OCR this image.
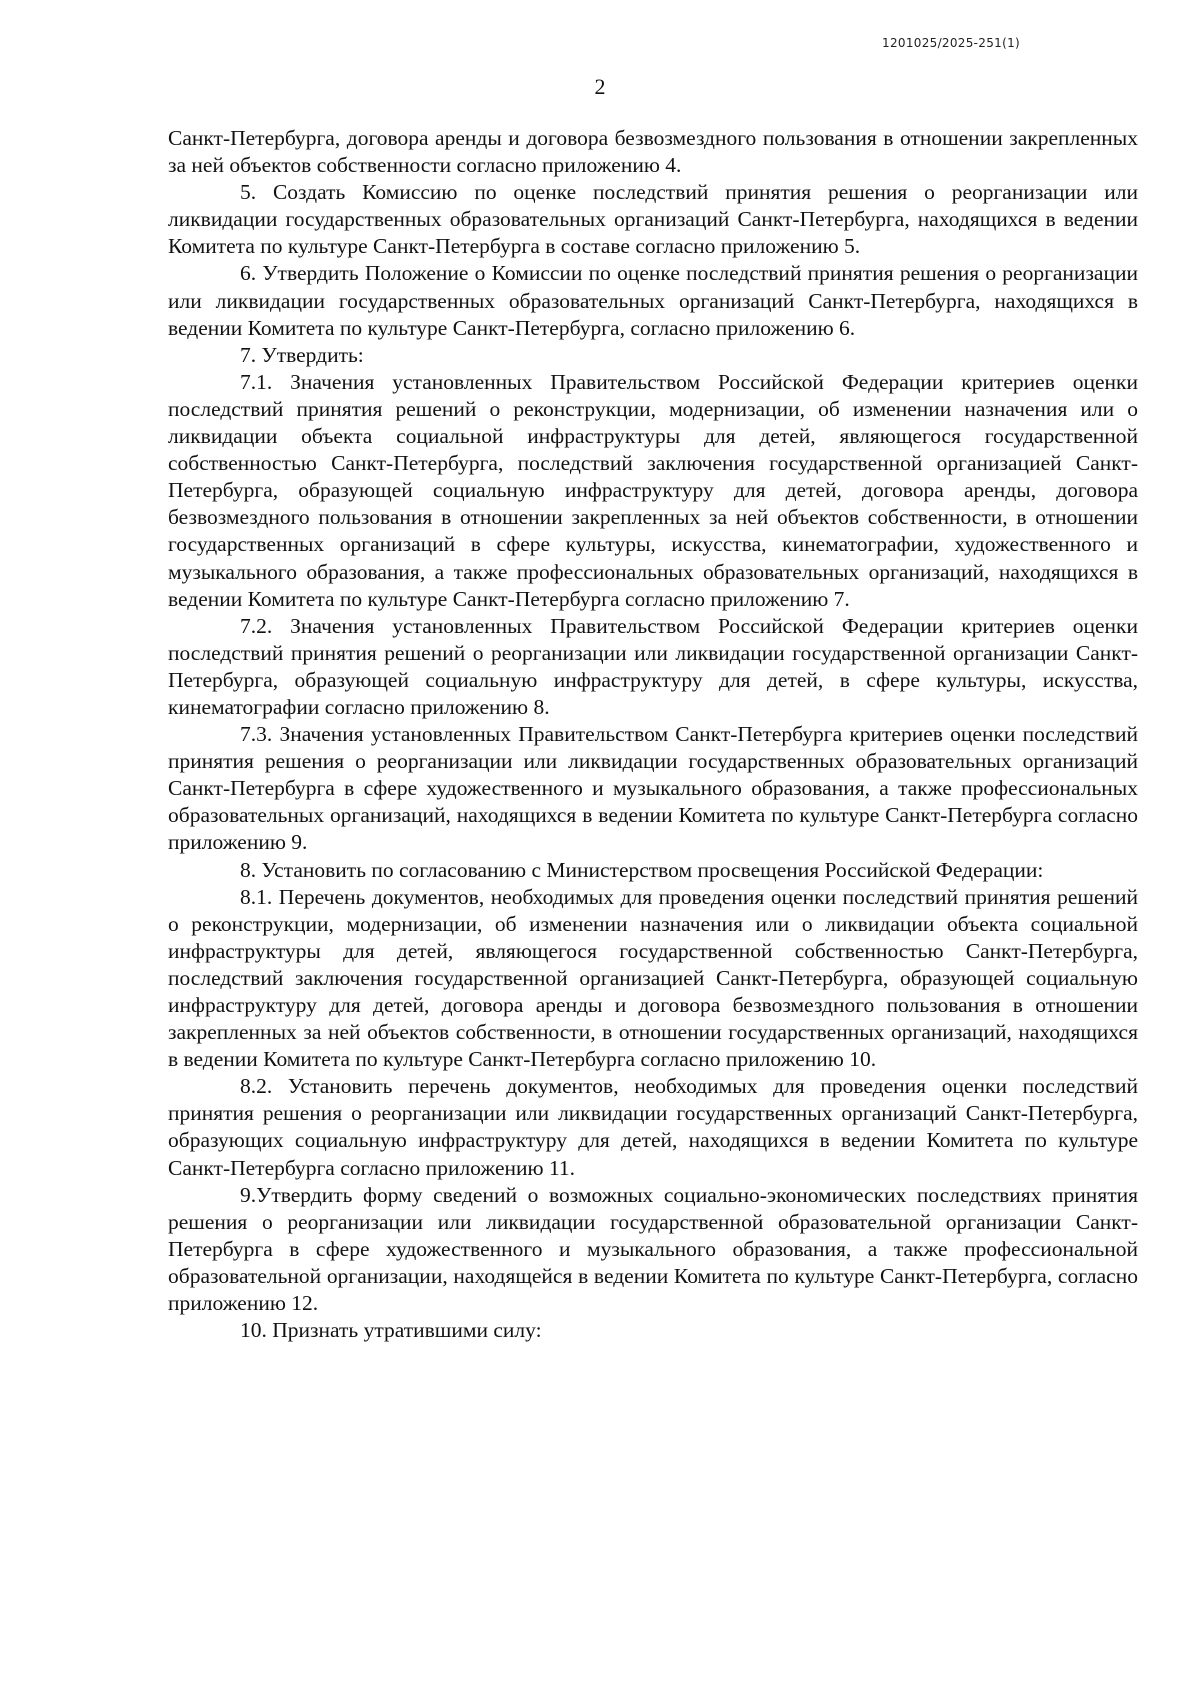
1201025/2025-251(1)
2

Санкт-Петербурга, договора аренды и договора безвозмездного пользования в отношении закрепленных за ней объектов собственности согласно приложению 4.

5. Создать Комиссию по оценке последствий принятия решения о реорганизации или ликвидации государственных образовательных организаций Санкт-Петербурга, находящихся в ведении Комитета по культуре Санкт-Петербурга в составе согласно приложению 5.

6. Утвердить Положение о Комиссии по оценке последствий принятия решения о реорганизации или ликвидации государственных образовательных организаций Санкт-Петербурга, находящихся в ведении Комитета по культуре Санкт-Петербурга, согласно приложению 6.

7. Утвердить:

7.1. Значения установленных Правительством Российской Федерации критериев оценки последствий принятия решений о реконструкции, модернизации, об изменении назначения или о ликвидации объекта социальной инфраструктуры для детей, являющегося государственной собственностью Санкт-Петербурга, последствий заключения государственной организацией Санкт-Петербурга, образующей социальную инфраструктуру для детей, договора аренды, договора безвозмездного пользования в отношении закрепленных за ней объектов собственности, в отношении государственных организаций в сфере культуры, искусства, кинематографии, художественного и музыкального образования, а также профессиональных образовательных организаций, находящихся в ведении Комитета по культуре Санкт-Петербурга согласно приложению 7.

7.2. Значения установленных Правительством Российской Федерации критериев оценки последствий принятия решений о реорганизации или ликвидации государственной организации Санкт-Петербурга, образующей социальную инфраструктуру для детей, в сфере культуры, искусства, кинематографии согласно приложению 8.

7.3. Значения установленных Правительством Санкт-Петербурга критериев оценки последствий принятия решения о реорганизации или ликвидации государственных образовательных организаций Санкт-Петербурга в сфере художественного и музыкального образования, а также профессиональных образовательных организаций, находящихся в ведении Комитета по культуре Санкт-Петербурга согласно приложению 9.

8. Установить по согласованию с Министерством просвещения Российской Федерации:

8.1. Перечень документов, необходимых для проведения оценки последствий принятия решений о реконструкции, модернизации, об изменении назначения или о ликвидации объекта социальной инфраструктуры для детей, являющегося государственной собственностью Санкт-Петербурга, последствий заключения государственной организацией Санкт-Петербурга, образующей социальную инфраструктуру для детей, договора аренды и договора безвозмездного пользования в отношении закрепленных за ней объектов собственности, в отношении государственных организаций, находящихся в ведении Комитета по культуре Санкт-Петербурга согласно приложению 10.

8.2. Установить перечень документов, необходимых для проведения оценки последствий принятия решения о реорганизации или ликвидации государственных организаций Санкт-Петербурга, образующих социальную инфраструктуру для детей, находящихся в ведении Комитета по культуре Санкт-Петербурга согласно приложению 11.

9.Утвердить форму сведений о возможных социально-экономических последствиях принятия решения о реорганизации или ликвидации государственной образовательной организации Санкт-Петербурга в сфере художественного и музыкального образования, а также профессиональной образовательной организации, находящейся в ведении Комитета по культуре Санкт-Петербурга, согласно приложению 12.

10. Признать утратившими силу:
